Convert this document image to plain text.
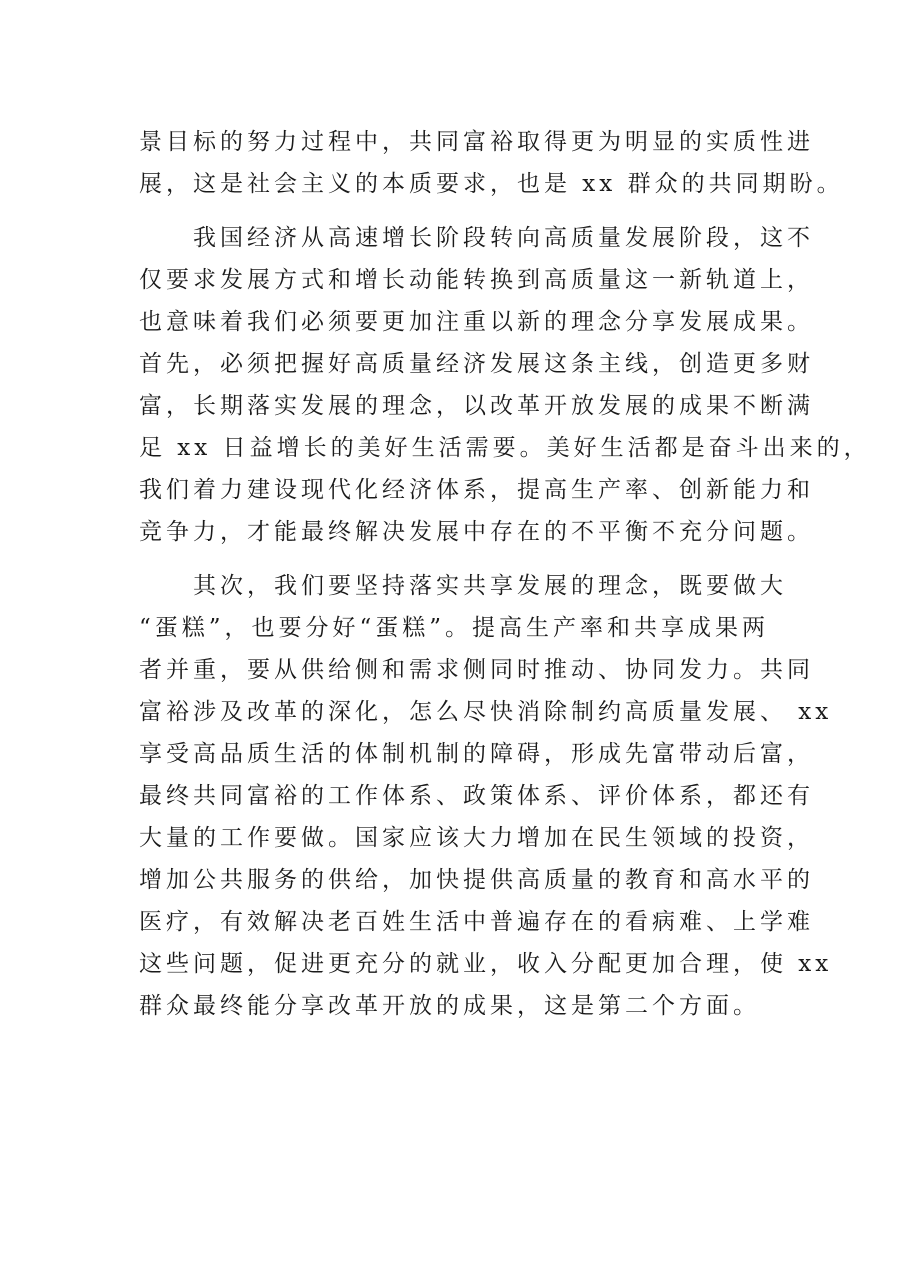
景目标的努力过程中，共同富裕取得更为明显的实质性进
展，这是社会主义的本质要求，也是 xx 群众的共同期盼。
　　我国经济从高速增长阶段转向高质量发展阶段，这不
仅要求发展方式和增长动能转换到高质量这一新轨道上，
也意味着我们必须要更加注重以新的理念分享发展成果。
首先，必须把握好高质量经济发展这条主线，创造更多财
富，长期落实发展的理念，以改革开放发展的成果不断满
足 xx 日益增长的美好生活需要。美好生活都是奋斗出来的，
我们着力建设现代化经济体系，提高生产率、创新能力和
竞争力，才能最终解决发展中存在的不平衡不充分问题。
　　其次，我们要坚持落实共享发展的理念，既要做大
“蛋糕”，也要分好“蛋糕”。提高生产率和共享成果两
者并重，要从供给侧和需求侧同时推动、协同发力。共同
富裕涉及改革的深化，怎么尽快消除制约高质量发展、 xx
享受高品质生活的体制机制的障碍，形成先富带动后富，
最终共同富裕的工作体系、政策体系、评价体系，都还有
大量的工作要做。国家应该大力增加在民生领域的投资，
增加公共服务的供给，加快提供高质量的教育和高水平的
医疗，有效解决老百姓生活中普遍存在的看病难、上学难
这些问题，促进更充分的就业，收入分配更加合理，使 xx
群众最终能分享改革开放的成果，这是第二个方面。
